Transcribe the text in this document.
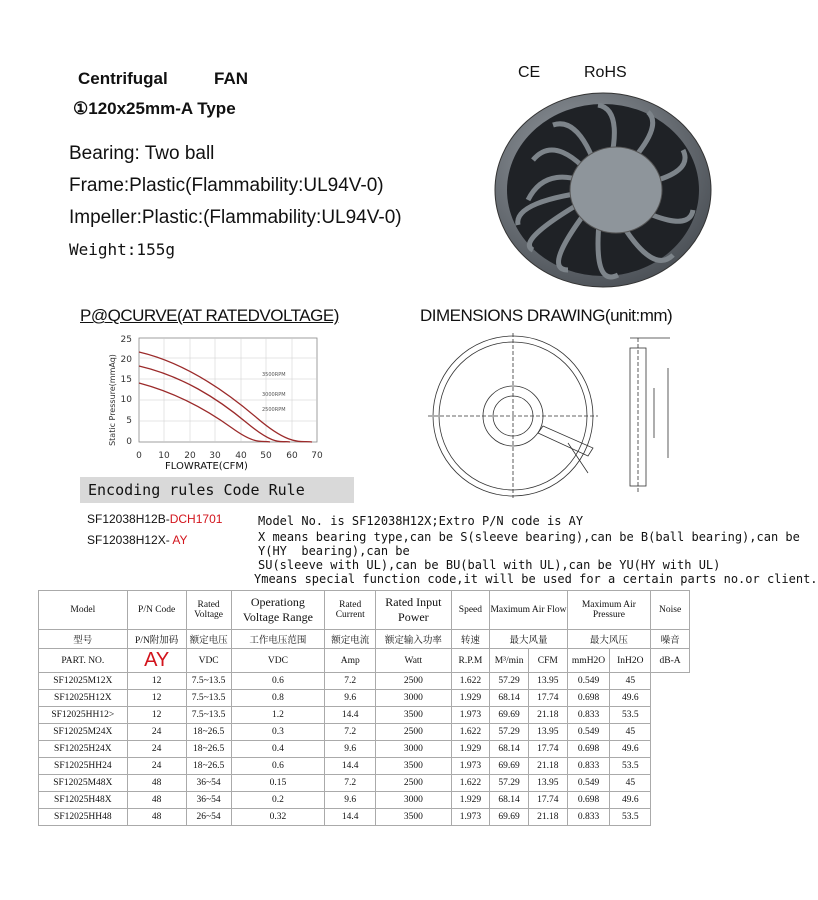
Centrifugal	FAN
①120x25mm-A Type
CE	RoHS
Bearing: Two ball
Frame:Plastic(Flammability:UL94V-0)
Impeller:Plastic:(Flammability:UL94V-0)
Weight:155g
P@QCURVE(AT RATEDVOLTAGE)
25
20
15
10
5
0
0 10 20 30 40 50 60 70
Static Pressure(mmAq)	3500RPM
3000RPM
2500RPM
FLOWRATE(CFM)
DIMENSIONS DRAWING(unit:mm)
Encoding rules Code Rule
SF12038H12B-DCH1701
SF12038H12X- AY
Model No. is SF12038H12X;Extro P/N code is AY
X means bearing type,can be S(sleeve bearing),can be B(ball bearing),can be
Y(HY  bearing),can be
SU(sleeve with UL),can be BU(ball with UL),can be YU(HY with UL)
Ymeans special function code,it will be used for a certain parts no.or client.
Model	P/N Code	Rated Voltage	Operationg Voltage Range	Rated Current	Rated Input Power	Speed	Maximum Air Flow		Maximum Air Pressure		Noise
型号	P/N附加码	额定电压	工作电压范围	额定电流	额定输入功率	转速	最大风量		最大风压		噪音
PART. NO.	AY	VDC	VDC	Amp	Watt	R.P.M	M³/min	CFM	mmH2O	InH2O	dB-A
SF12025M12X	12	7.5~13.5	0.6	7.2	2500	1.622	57.29	13.95	0.549	45	
SF12025H12X	12	7.5~13.5	0.8	9.6	3000	1.929	68.14	17.74	0.698	49.6	
SF12025HH12>	12	7.5~13.5	1.2	14.4	3500	1.973	69.69	21.18	0.833	53.5	
SF12025M24X	24	18~26.5	0.3	7.2	2500	1.622	57.29	13.95	0.549	45	
SF12025H24X	24	18~26.5	0.4	9.6	3000	1.929	68.14	17.74	0.698	49.6	
SF12025HH24	24	18~26.5	0.6	14.4	3500	1.973	69.69	21.18	0.833	53.5	
SF12025M48X	48	36~54	0.15	7.2	2500	1.622	57.29	13.95	0.549	45	
SF12025H48X	48	36~54	0.2	9.6	3000	1.929	68.14	17.74	0.698	49.6	
SF12025HH48	48	26~54	0.32	14.4	3500	1.973	69.69	21.18	0.833	53.5	
